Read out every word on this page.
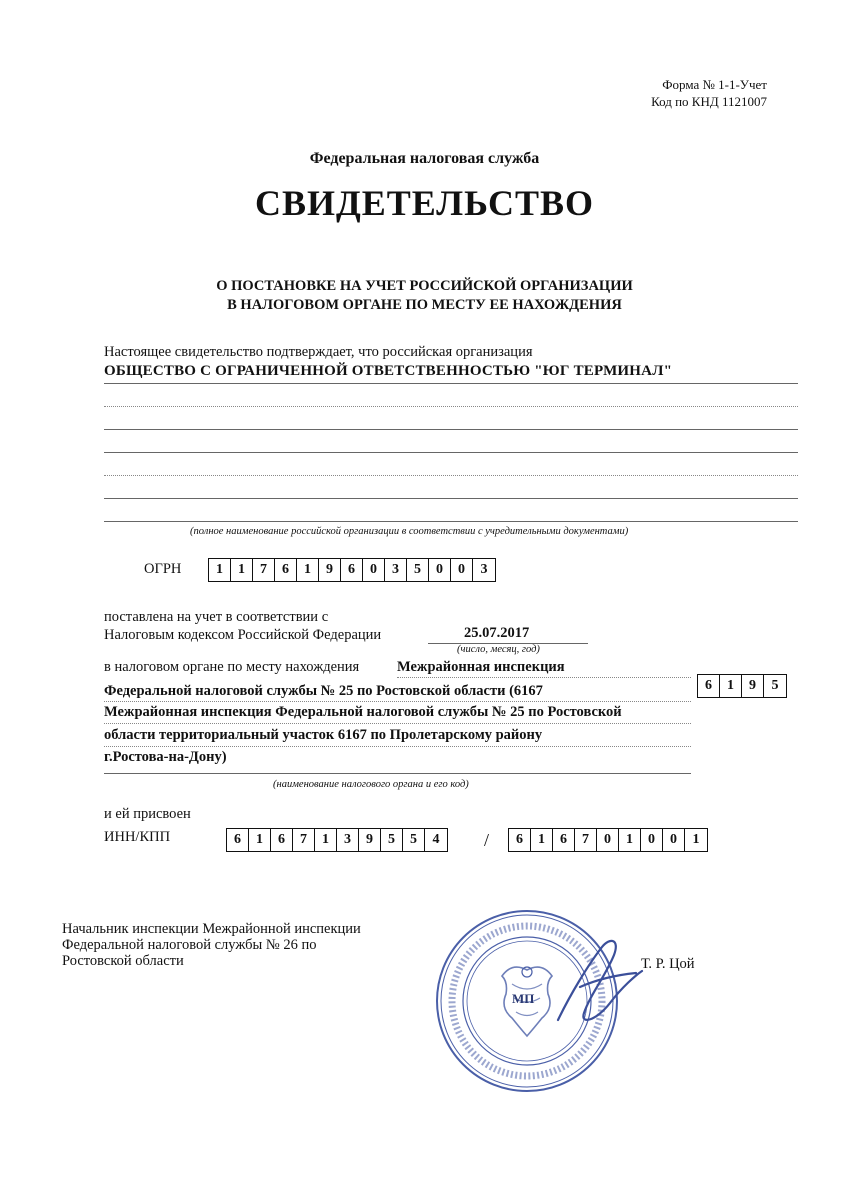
Форма № 1-1-Учет
Код по КНД 1121007
Федеральная налоговая служба
СВИДЕТЕЛЬСТВО
О ПОСТАНОВКЕ НА УЧЕТ РОССИЙСКОЙ ОРГАНИЗАЦИИ
В НАЛОГОВОМ ОРГАНЕ ПО МЕСТУ ЕЕ НАХОЖДЕНИЯ
Настоящее свидетельство подтверждает, что российская организация
ОБЩЕСТВО С ОГРАНИЧЕННОЙ ОТВЕТСТВЕННОСТЬЮ "ЮГ ТЕРМИНАЛ"
(полное наименование российской организации в соответствии с учредительными документами)
ОГРН	1	1	7	6	1	9	6	0	3	5	0	0	3
поставлена на учет в соответствии с
Налоговым кодексом Российской Федерации	25.07.2017
(число, месяц, год)
в налоговом органе по месту нахождения	Межрайонная инспекция
Федеральной налоговой службы № 25 по Ростовской области (6167	6	1	9	5
Межрайонная инспекция Федеральной налоговой службы № 25 по Ростовской
области территориальный участок 6167 по Пролетарскому району
г.Ростова-на-Дону)
(наименование налогового органа и его код)
и ей присвоен
ИНН/КПП	6	1	6	7	1	3	9	5	5	4	/	6	1	6	7	0	1	0	0	1
Начальник инспекции Межрайонной инспекции
Федеральной налоговой службы № 26 по
Ростовской области
МП
Т. Р. Цой
